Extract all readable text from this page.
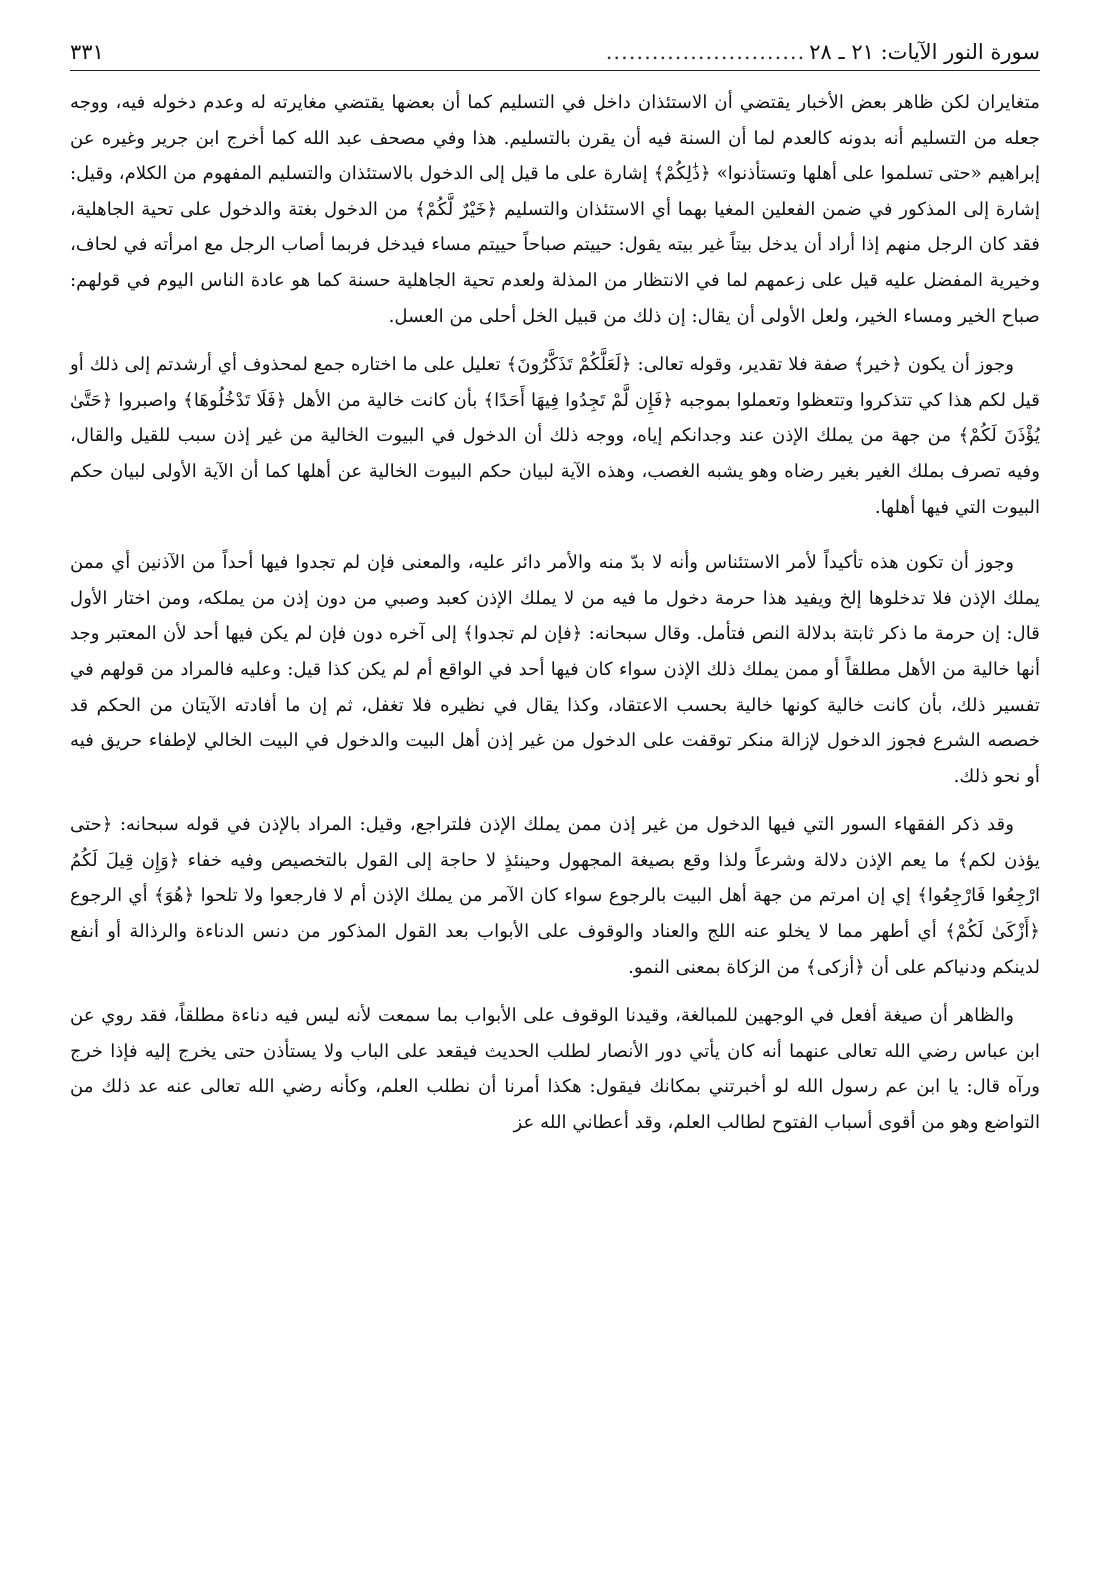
سورة النور الآيات: ٢١ ـ ٢٨
..........................
٣٣١

متغايران لكن ظاهر بعض الأخبار يقتضي أن الاستئذان داخل في التسليم كما أن بعضها يقتضي مغايرته له وعدم دخوله فيه، ووجه جعله من التسليم أنه بدونه كالعدم لما أن السنة فيه أن يقرن بالتسليم. هذا وفي مصحف عبد الله كما أخرج ابن جرير وغيره عن إبراهيم «حتى تسلموا على أهلها وتستأذنوا» ﴿ذَٰلِكُمْ﴾ إشارة على ما قيل إلى الدخول بالاستئذان والتسليم المفهوم من الكلام، وقيل: إشارة إلى المذكور في ضمن الفعلين المغيا بهما أي الاستئذان والتسليم ﴿خَيْرٌ لَّكُمْ﴾ من الدخول بغتة والدخول على تحية الجاهلية، فقد كان الرجل منهم إذا أراد أن يدخل بيتاً غير بيته يقول: حييتم صباحاً حييتم مساء فيدخل فربما أصاب الرجل مع امرأته في لحاف، وخيرية المفضل عليه قيل على زعمهم لما في الانتظار من المذلة ولعدم تحية الجاهلية حسنة كما هو عادة الناس اليوم في قولهم: صباح الخير ومساء الخير، ولعل الأولى أن يقال: إن ذلك من قبيل الخل أحلى من العسل.

وجوز أن يكون ﴿خير﴾ صفة فلا تقدير، وقوله تعالى: ﴿لَعَلَّكُمْ تَذَكَّرُونَ﴾ تعليل على ما اختاره جمع لمحذوف أي أرشدتم إلى ذلك أو قيل لكم هذا كي تتذكروا وتتعظوا وتعملوا بموجبه ﴿فَإِن لَّمْ تَجِدُوا فِيهَا أَحَدًا﴾ بأن كانت خالية من الأهل ﴿فَلَا تَدْخُلُوهَا﴾ واصبروا ﴿حَتَّىٰ يُؤْذَنَ لَكُمْ﴾ من جهة من يملك الإذن عند وجدانكم إياه، ووجه ذلك أن الدخول في البيوت الخالية من غير إذن سبب للقيل والقال، وفيه تصرف بملك الغير بغير رضاه وهو يشبه الغصب، وهذه الآية لبيان حكم البيوت الخالية عن أهلها كما أن الآية الأولى لبيان حكم البيوت التي فيها أهلها.

وجوز أن تكون هذه تأكيداً لأمر الاستئناس وأنه لا بدّ منه والأمر دائر عليه، والمعنى فإن لم تجدوا فيها أحداً من الآذنين أي ممن يملك الإذن فلا تدخلوها إلخ ويفيد هذا حرمة دخول ما فيه من لا يملك الإذن كعبد وصبي من دون إذن من يملكه، ومن اختار الأول قال: إن حرمة ما ذكر ثابتة بدلالة النص فتأمل. وقال سبحانه: ﴿فإن لم تجدوا﴾ إلى آخره دون فإن لم يكن فيها أحد لأن المعتبر وجد أنها خالية من الأهل مطلقاً أو ممن يملك ذلك الإذن سواء كان فيها أحد في الواقع أم لم يكن كذا قيل: وعليه فالمراد من قولهم في تفسير ذلك، بأن كانت خالية كونها خالية بحسب الاعتقاد، وكذا يقال في نظيره فلا تغفل، ثم إن ما أفادته الآيتان من الحكم قد خصصه الشرع فجوز الدخول لإزالة منكر توقفت على الدخول من غير إذن أهل البيت والدخول في البيت الخالي لإطفاء حريق فيه أو نحو ذلك.

وقد ذكر الفقهاء السور التي فيها الدخول من غير إذن ممن يملك الإذن فلتراجع، وقيل: المراد بالإذن في قوله سبحانه: ﴿حتى يؤذن لكم﴾ ما يعم الإذن دلالة وشرعاً ولذا وقع بصيغة المجهول وحينئذٍ لا حاجة إلى القول بالتخصيص وفيه خفاء ﴿وَإِن قِيلَ لَكُمُ ارْجِعُوا فَارْجِعُوا﴾ إي إن امرتم من جهة أهل البيت بالرجوع سواء كان الآمر من يملك الإذن أم لا فارجعوا ولا تلحوا ﴿هُوَ﴾ أي الرجوع ﴿أَزْكَىٰ لَكُمْ﴾ أي أطهر مما لا يخلو عنه اللج والعناد والوقوف على الأبواب بعد القول المذكور من دنس الدناءة والرذالة أو أنفع لدينكم ودنياكم على أن ﴿أزكى﴾ من الزكاة بمعنى النمو.

والظاهر أن صيغة أفعل في الوجهين للمبالغة، وقيدنا الوقوف على الأبواب بما سمعت لأنه ليس فيه دناءة مطلقاً، فقد روي عن ابن عباس رضي الله تعالى عنهما أنه كان يأتي دور الأنصار لطلب الحديث فيقعد على الباب ولا يستأذن حتى يخرج إليه فإذا خرج ورآه قال: يا ابن عم رسول الله لو أخبرتني بمكانك فيقول: هكذا أمرنا أن نطلب العلم، وكأنه رضي الله تعالى عنه عد ذلك من التواضع وهو من أقوى أسباب الفتوح لطالب العلم، وقد أعطاني الله عز
